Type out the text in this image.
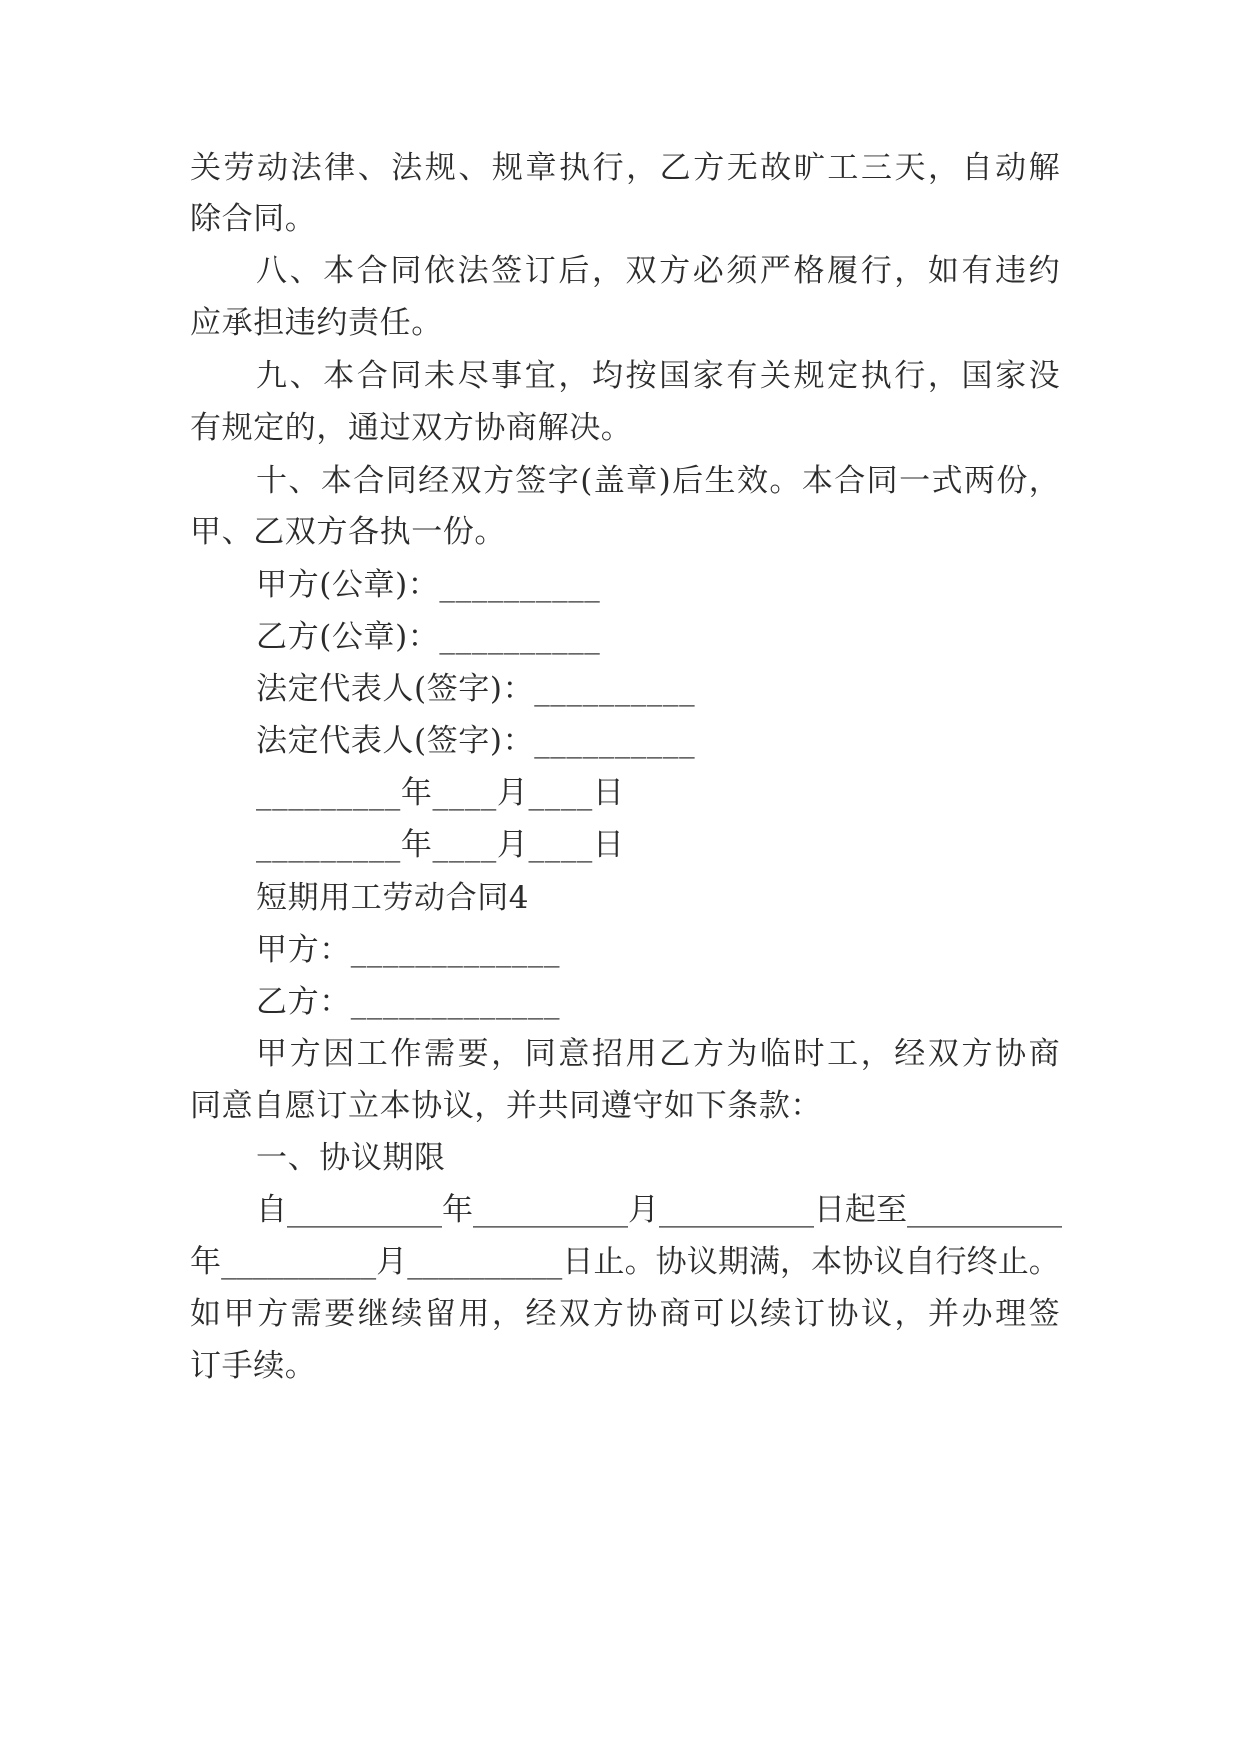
关 劳 动 法 律 、 法 规 、 规 章 执 行 ， 乙 方 无 故 旷 工 三 天 ， 自 动 解
除合同。
八 、 本 合 同 依 法 签 订 后 ， 双 方 必 须 严 格 履 行 ， 如 有 违 约
应承担违约责任。
九 、 本 合 同 未 尽 事 宜 ， 均 按 国 家 有 关 规 定 执 行 ， 国 家 没
有规定的，通过双方协商解决。
十 、 本 合 同 经 双 方 签 字 ( 盖 章 ) 后 生 效 。 本 合 同 一 式 两 份 ，
甲、乙双方各执一份。
甲方(公章)：__________
乙方(公章)：__________
法定代表人(签字)：__________
法定代表人(签字)：__________
_________年____月____日
_________年____月____日
短期用工劳动合同4
甲方：_____________
乙方：_____________
甲 方 因 工 作 需 要 ， 同 意 招 用 乙 方 为 临 时 工 ， 经 双 方 协 商
同意自愿订立本协议，并共同遵守如下条款：
一、协议期限
自 __________ 年 __________ 月 __________ 日 起 至 __________
年 __________ 月 __________ 日 止 。 协 议 期 满 ， 本 协 议 自 行 终 止 。
如 甲 方 需 要 继 续 留 用 ， 经 双 方 协 商 可 以 续 订 协 议 ， 并 办 理 签
订手续。
